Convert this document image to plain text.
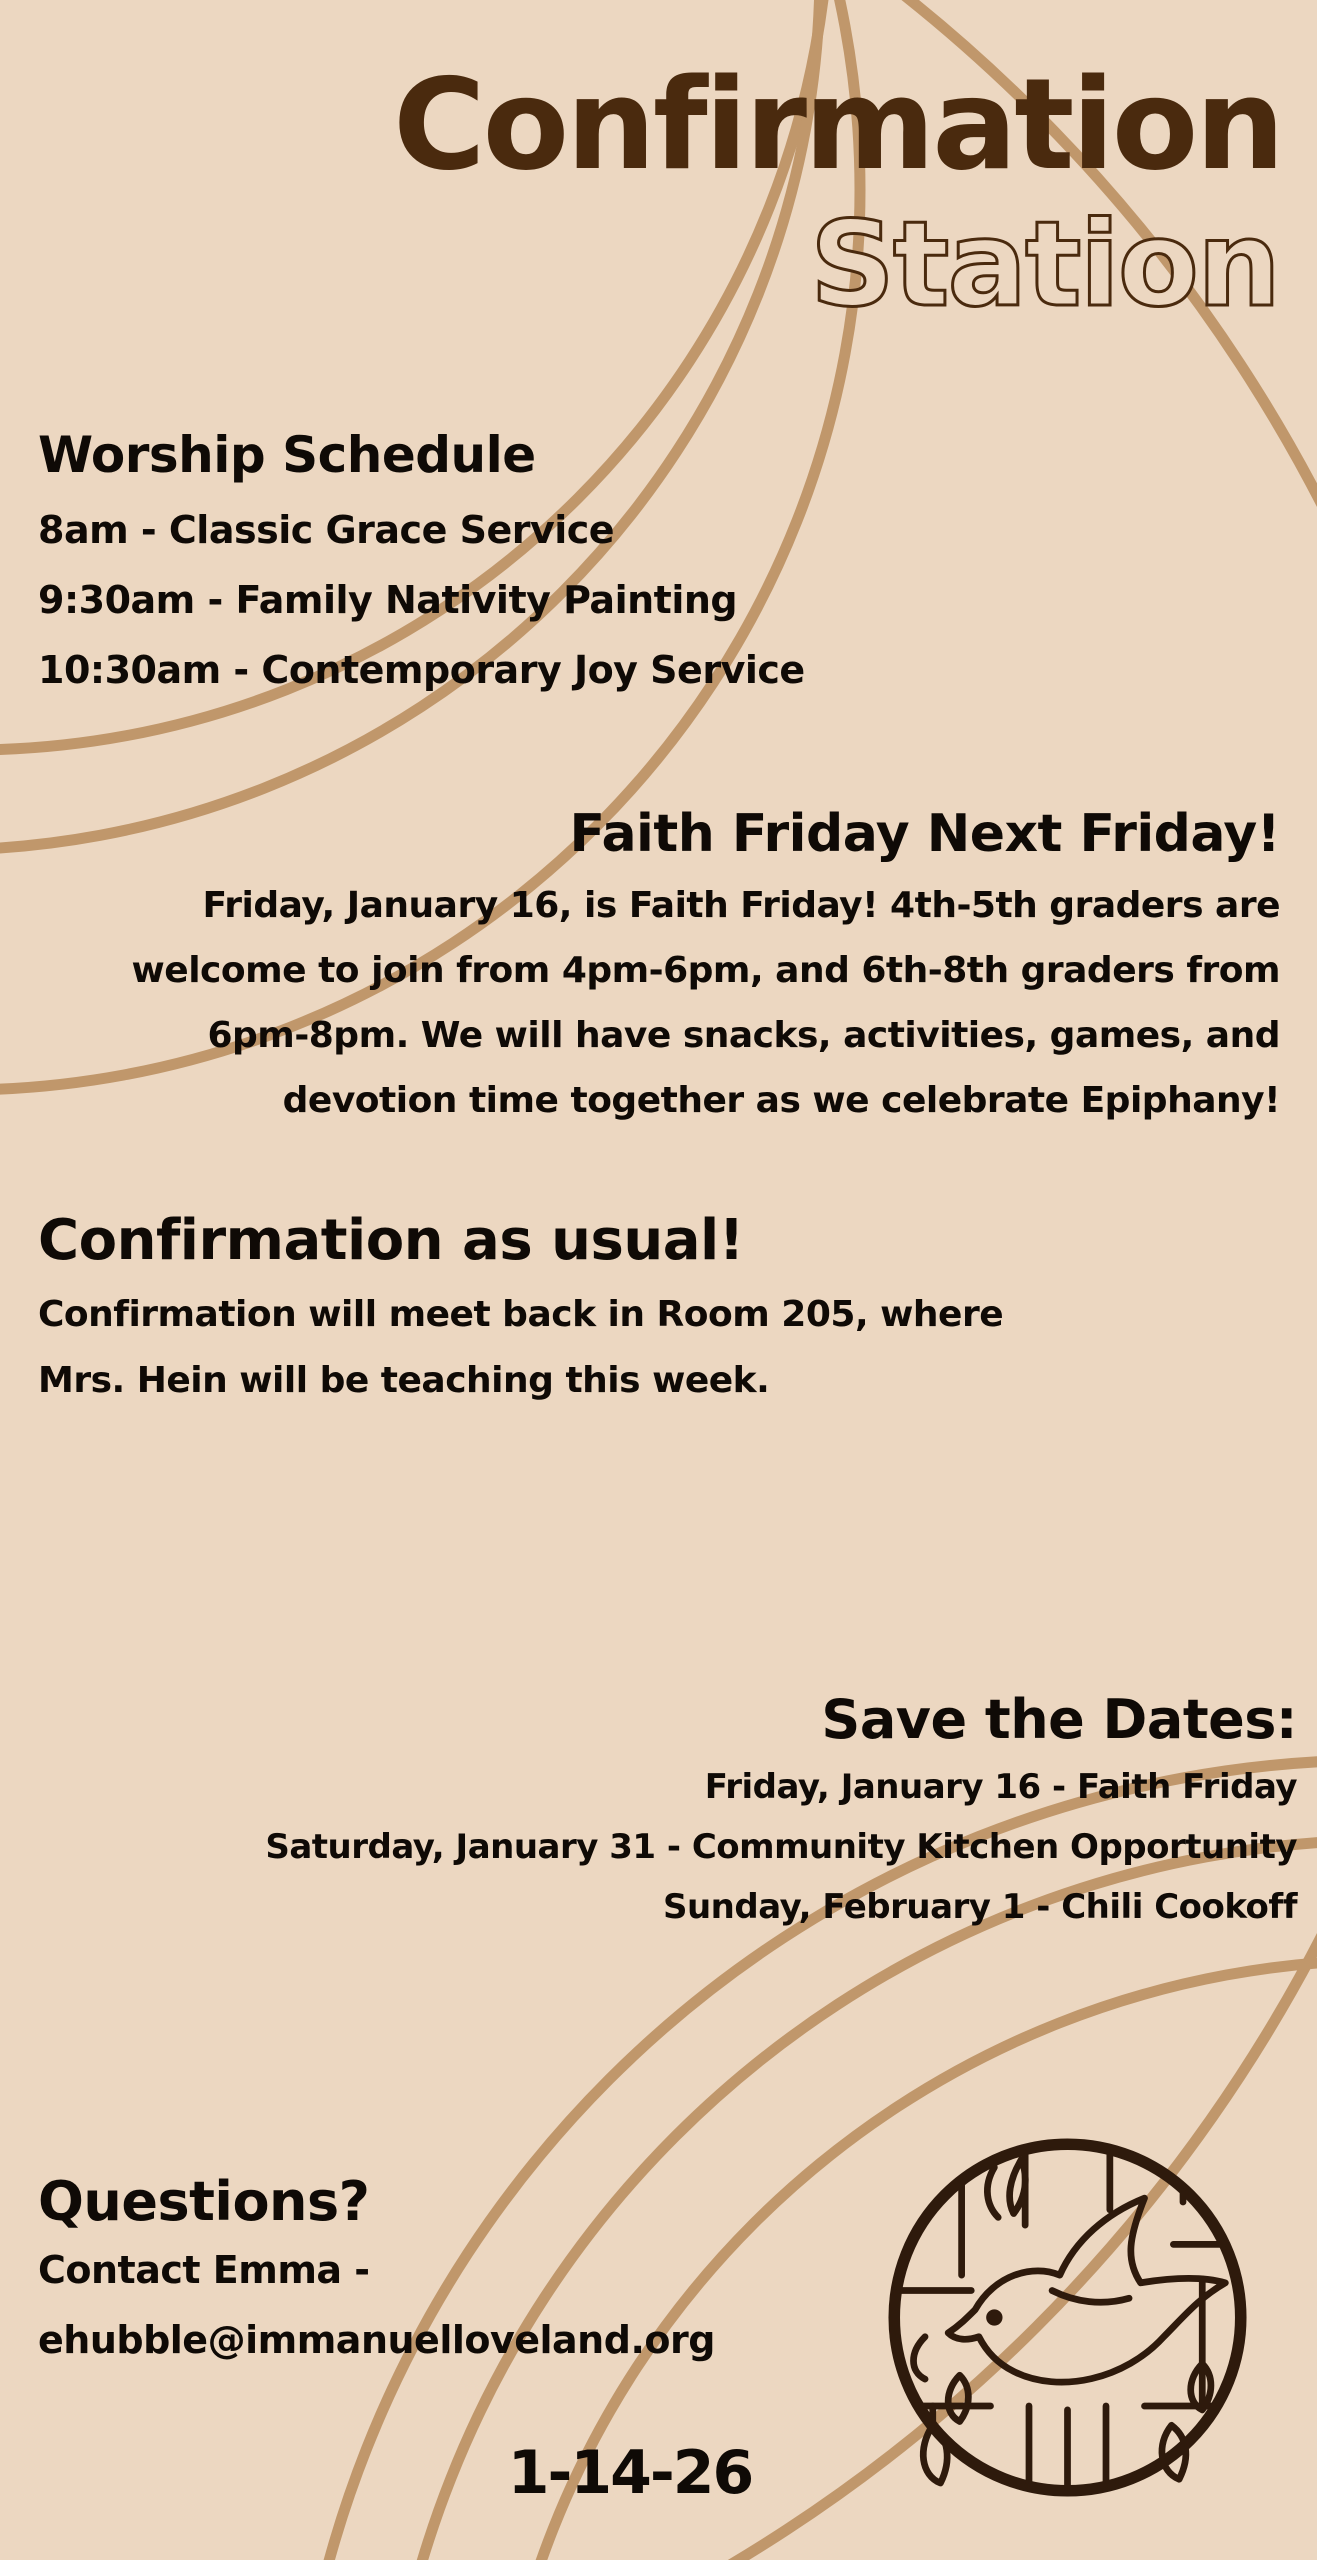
Confirmation
Station
Worship Schedule

8am - Classic Grace Service

9:30am - Family Nativity Painting

10:30am - Contemporary Joy Service

Faith Friday Next Friday!

Friday, January 16, is Faith Friday! 4th-5th graders are welcome to join from 4pm-6pm, and 6th-8th graders from 6pm-8pm. We will have snacks, activities, games, and devotion time together as we celebrate Epiphany!

Confirmation as usual!

Confirmation will meet back in Room 205, where Mrs. Hein will be teaching this week.

Save the Dates:

Friday, January 16 - Faith Friday

Saturday, January 31 - Community Kitchen Opportunity

Sunday, February 1 - Chili Cookoff

Questions?

Contact Emma -

ehubble@immanuelloveland.org

1-14-26
